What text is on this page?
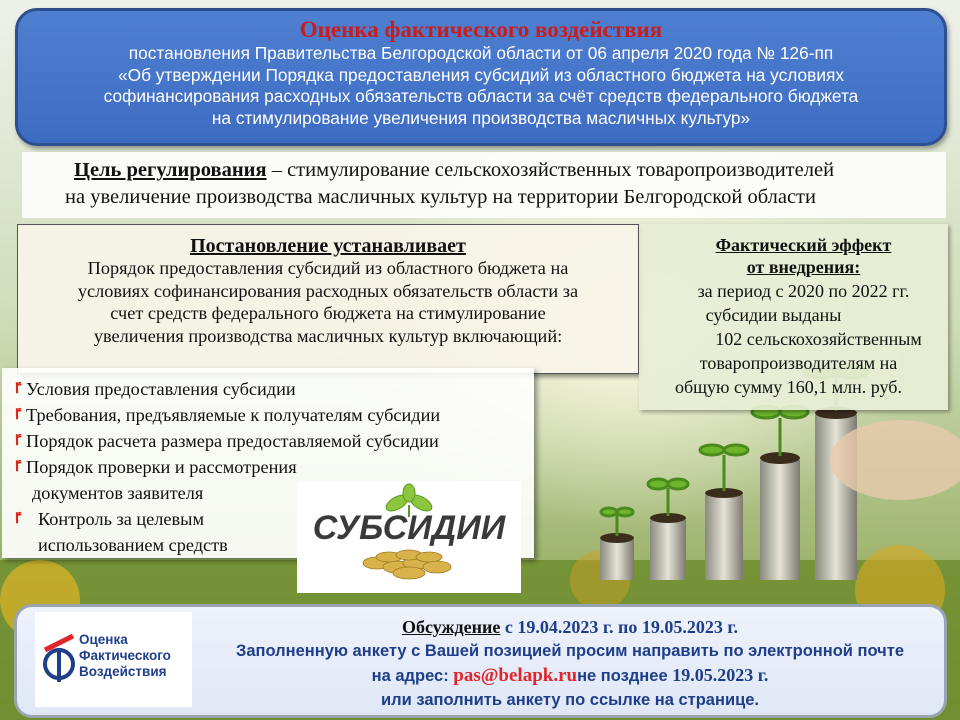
Оценка фактического воздействия
постановления Правительства Белгородской области от 06 апреля 2020 года № 126-пп
«Об утверждении Порядка предоставления субсидий из областного бюджета на условиях
софинансирования расходных обязательств области за счёт средств федерального бюджета
на стимулирование увеличения производства масличных культур»
Цель регулирования – стимулирование сельскохозяйственных товаропроизводителей
на увеличение производства масличных культур на территории Белгородской области
Постановление устанавливает
Порядок предоставления субсидий из областного бюджета на
условиях софинансирования расходных обязательств области за
счет средств федерального бюджета на стимулирование
увеличения производства масличных культур включающий:
Фактический эффект
от внедрения:
за период с 2020 по 2022 гг.
субсидии выданы
102 сельскохозяйственным
товаропроизводителям на
общую сумму 160,1 млн. руб.
ٵ Условия предоставления субсидии
ٵ Требования, предъявляемые к получателям субсидии
ٵ Порядок расчета размера предоставляемой субсидии
ٵ Порядок проверки и рассмотрения
документов заявителя
ٵ Контроль за целевым
использованием средств	СУБСИДИИ
Оценка
Фактического
Воздействия
Обсуждение с 19.04.2023 г. по 19.05.2023 г.
Заполненную анкету с Вашей позицией просим направить по электронной почте
на адрес: pas@belapk.ruне позднее 19.05.2023 г.
или заполнить анкету по ссылке на странице.
